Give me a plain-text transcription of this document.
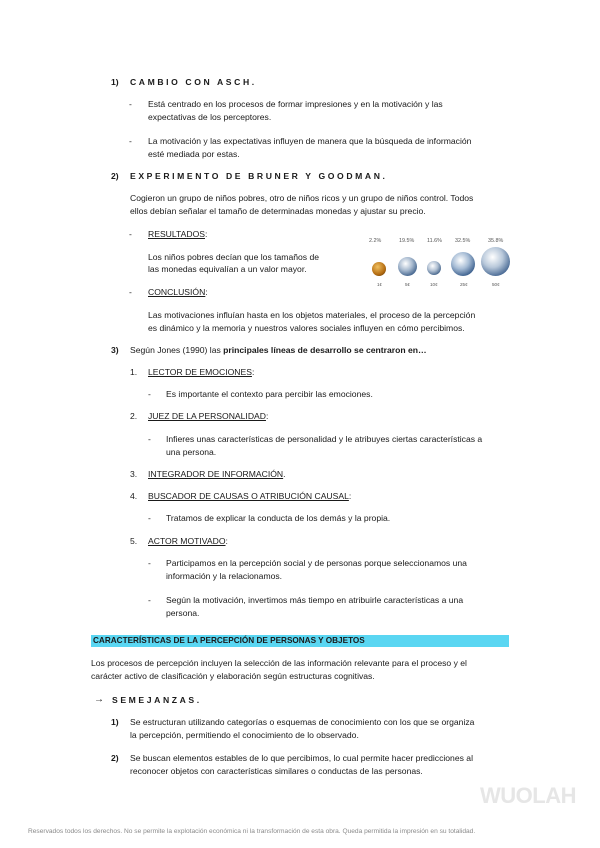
1) CAMBIO CON ASCH.
- Está centrado en los procesos de formar impresiones y en la motivación y las
expectativas de los perceptores.
- La motivación y las expectativas influyen de manera que la búsqueda de información
esté mediada por estas.
2) EXPERIMENTO DE BRUNER Y GOODMAN.
Cogieron un grupo de niños pobres, otro de niños ricos y un grupo de niños control. Todos
ellos debían señalar el tamaño de determinadas monedas y ajustar su precio.
- RESULTADOS:
Los niños pobres decían que los tamaños de
las monedas equivalían a un valor mayor.
2.2%	19.5% 11.6% 32.5%	35.8%
1¢	5¢	10¢	25¢	50¢
- CONCLUSIÓN:
Las motivaciones influían hasta en los objetos materiales, el proceso de la percepción
es dinámico y la memoria y nuestros valores sociales influyen en cómo percibimos.
3) Según Jones (1990) las principales líneas de desarrollo se centraron en…
1. LECTOR DE EMOCIONES:
- Es importante el contexto para percibir las emociones.
2. JUEZ DE LA PERSONALIDAD:
- Infieres unas características de personalidad y le atribuyes ciertas características a
una persona.
3. INTEGRADOR DE INFORMACIÓN.
4. BUSCADOR DE CAUSAS O ATRIBUCIÓN CAUSAL:
- Tratamos de explicar la conducta de los demás y la propia.
5. ACTOR MOTIVADO:
- Participamos en la percepción social y de personas porque seleccionamos una
información y la relacionamos.
- Según la motivación, invertimos más tiempo en atribuirle características a una
persona.
CARACTERÍSTICAS DE LA PERCEPCIÓN DE PERSONAS Y OBJETOS
Los procesos de percepción incluyen la selección de las información relevante para el proceso y el
carácter activo de clasificación y elaboración según estructuras cognitivas.
→ SEMEJANZAS.
1) Se estructuran utilizando categorías o esquemas de conocimiento con los que se organiza
la percepción, permitiendo el conocimiento de lo observado.
2) Se buscan elementos estables de lo que percibimos, lo cual permite hacer predicciones al
reconocer objetos con características similares o conductas de las personas.
WUOLAH
Reservados todos los derechos. No se permite la explotación económica ni la transformación de esta obra. Queda permitida la impresión en su totalidad.
